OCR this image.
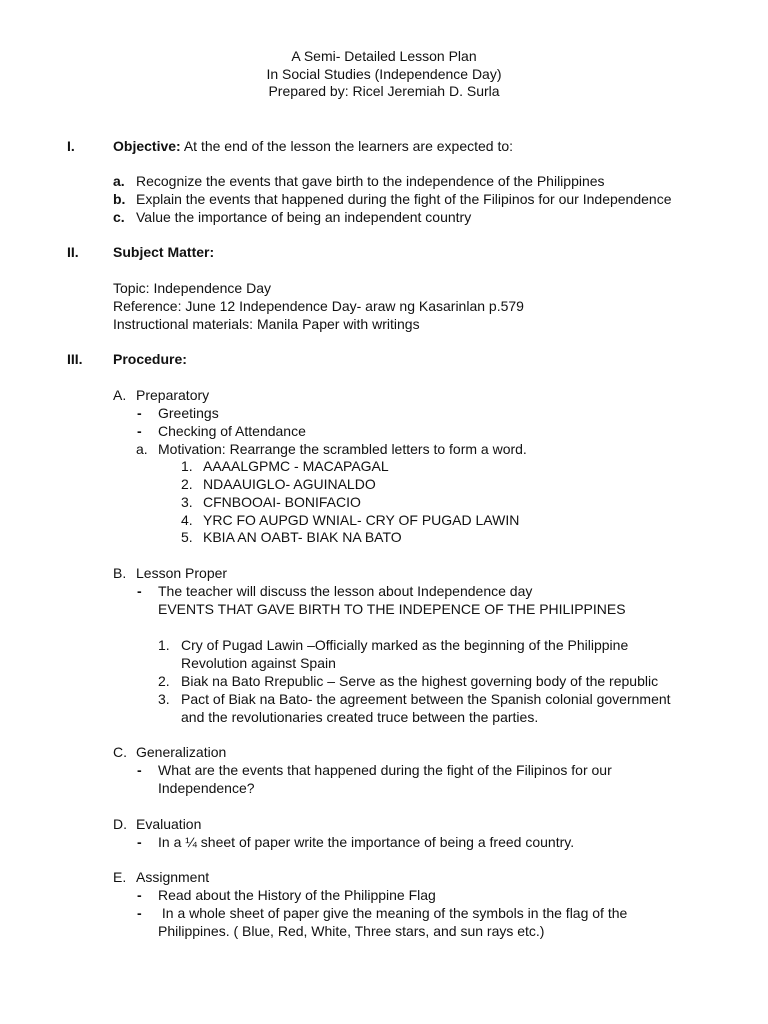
A Semi- Detailed Lesson Plan
In Social Studies (Independence Day)
Prepared by: Ricel Jeremiah D. Surla
I.	Objective: At the end of the lesson the learners are expected to:
a. Recognize the events that gave birth to the independence of the Philippines
b. Explain the events that happened during the fight of the Filipinos for our Independence
c. Value the importance of being an independent country
II. Subject Matter:
Topic: Independence Day
Reference: June 12 Independence Day- araw ng Kasarinlan p.579
Instructional materials: Manila Paper with writings
III. Procedure:
A. Preparatory
- Greetings
- Checking of Attendance
a. Motivation: Rearrange the scrambled letters to form a word.
1. AAAALGPMC - MACAPAGAL
2. NDAAUIGLO- AGUINALDO
3. CFNBOOAI- BONIFACIO
4. YRC FO AUPGD WNIAL- CRY OF PUGAD LAWIN
5. KBIA AN OABT- BIAK NA BATO
B. Lesson Proper
- The teacher will discuss the lesson about Independence day
EVENTS THAT GAVE BIRTH TO THE INDEPENCE OF THE PHILIPPINES
1. Cry of Pugad Lawin –Officially marked as the beginning of the Philippine
Revolution against Spain
2. Biak na Bato Rrepublic – Serve as the highest governing body of the republic
3. Pact of Biak na Bato- the agreement between the Spanish colonial government
and the revolutionaries created truce between the parties.
C. Generalization
- What are the events that happened during the fight of the Filipinos for our
Independence?
D. Evaluation
- In a ¼ sheet of paper write the importance of being a freed country.
E. Assignment
- Read about the History of the Philippine Flag
- In a whole sheet of paper give the meaning of the symbols in the flag of the
Philippines. ( Blue, Red, White, Three stars, and sun rays etc.)
